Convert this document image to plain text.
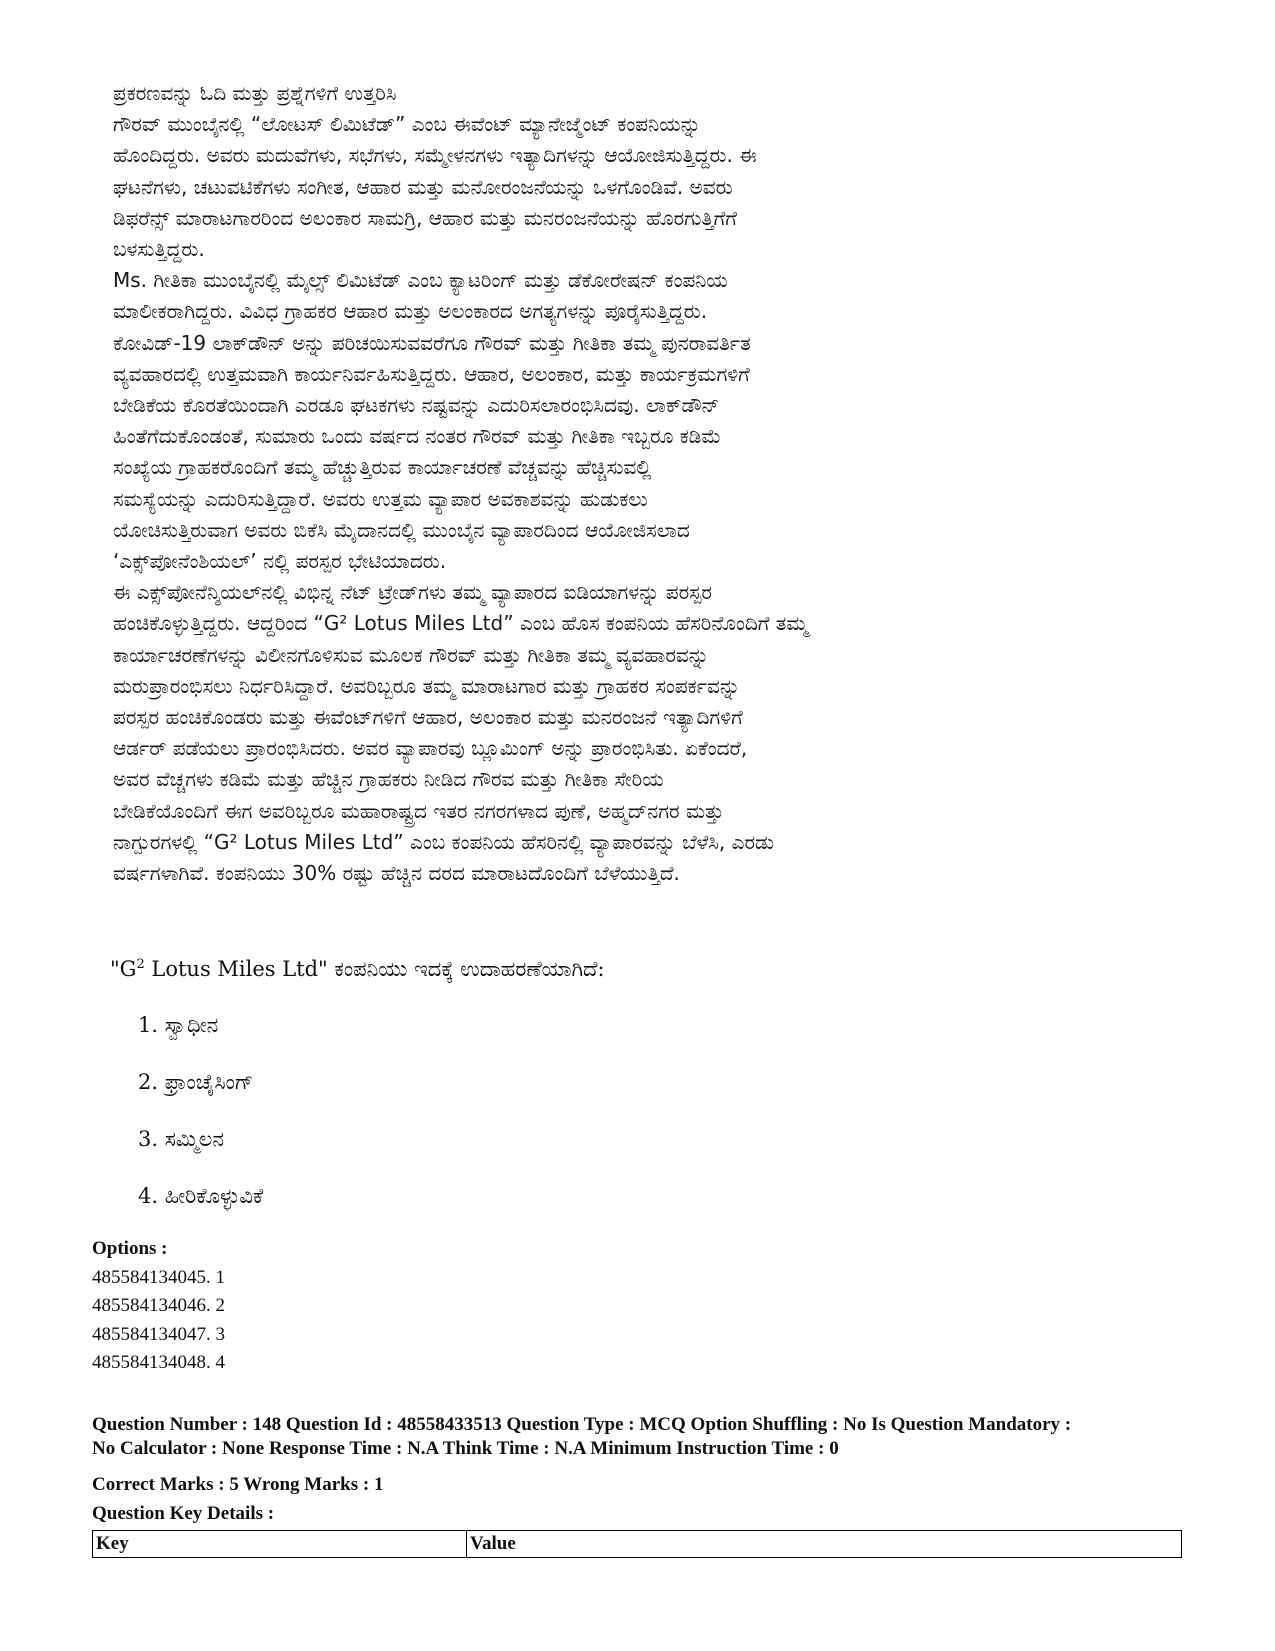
ಪ್ರಕರಣವನ್ನು ಓದಿ ಮತ್ತು ಪ್ರಶ್ನೆಗಳಿಗೆ ಉತ್ತರಿಸಿ

ಗೌರವ್ ಮುಂಬೈನಲ್ಲಿ “ಲೋಟಸ್ ಲಿಮಿಟೆಡ್” ಎಂಬ ಈವೆಂಟ್ ಮ್ಯಾನೇಜ್ಮೆಂಟ್ ಕಂಪನಿಯನ್ನು

ಹೊಂದಿದ್ದರು. ಅವರು ಮದುವೆಗಳು, ಸಭೆಗಳು, ಸಮ್ಮೇಳನಗಳು ಇತ್ಯಾದಿಗಳನ್ನು ಆಯೋಜಿಸುತ್ತಿದ್ದರು. ಈ

ಘಟನೆಗಳು, ಚಟುವಟಿಕೆಗಳು ಸಂಗೀತ, ಆಹಾರ ಮತ್ತು ಮನೋರಂಜನೆಯನ್ನು ಒಳಗೊಂಡಿವೆ. ಅವರು

ಡಿಫರೆನ್ಸ್ ಮಾರಾಟಗಾರರಿಂದ ಅಲಂಕಾರ ಸಾಮಗ್ರಿ, ಆಹಾರ ಮತ್ತು ಮನರಂಜನೆಯನ್ನು ಹೊರಗುತ್ತಿಗೆಗೆ

ಬಳಸುತ್ತಿದ್ದರು.

Ms. ಗೀತಿಕಾ ಮುಂಬೈನಲ್ಲಿ ಮೈಲ್ಸ್ ಲಿಮಿಟೆಡ್ ಎಂಬ ಕ್ಯಾಟರಿಂಗ್ ಮತ್ತು ಡೆಕೋರೇಷನ್ ಕಂಪನಿಯ

ಮಾಲೀಕರಾಗಿದ್ದರು. ವಿವಿಧ ಗ್ರಾಹಕರ ಆಹಾರ ಮತ್ತು ಅಲಂಕಾರದ ಅಗತ್ಯಗಳನ್ನು ಪೂರೈಸುತ್ತಿದ್ದರು.

ಕೋವಿಡ್-19 ಲಾಕ್‌ಡೌನ್ ಅನ್ನು ಪರಿಚಯಿಸುವವರೆಗೂ ಗೌರವ್ ಮತ್ತು ಗೀತಿಕಾ ತಮ್ಮ ಪುನರಾವರ್ತಿತ

ವ್ಯವಹಾರದಲ್ಲಿ ಉತ್ತಮವಾಗಿ ಕಾರ್ಯನಿರ್ವಹಿಸುತ್ತಿದ್ದರು. ಆಹಾರ, ಅಲಂಕಾರ, ಮತ್ತು ಕಾರ್ಯಕ್ರಮಗಳಿಗೆ

ಬೇಡಿಕೆಯ ಕೊರತೆಯಿಂದಾಗಿ ಎರಡೂ ಘಟಕಗಳು ನಷ್ಟವನ್ನು ಎದುರಿಸಲಾರಂಭಿಸಿದವು. ಲಾಕ್‌ಡೌನ್

ಹಿಂತೆಗೆದುಕೊಂಡಂತೆ, ಸುಮಾರು ಒಂದು ವರ್ಷದ ನಂತರ ಗೌರವ್ ಮತ್ತು ಗೀತಿಕಾ ಇಬ್ಬರೂ ಕಡಿಮೆ

ಸಂಖ್ಯೆಯ ಗ್ರಾಹಕರೊಂದಿಗೆ ತಮ್ಮ ಹೆಚ್ಚುತ್ತಿರುವ ಕಾರ್ಯಾಚರಣೆ ವೆಚ್ಚವನ್ನು ಹೆಚ್ಚಿಸುವಲ್ಲಿ

ಸಮಸ್ಯೆಯನ್ನು ಎದುರಿಸುತ್ತಿದ್ದಾರೆ. ಅವರು ಉತ್ತಮ ವ್ಯಾಪಾರ ಅವಕಾಶವನ್ನು ಹುಡುಕಲು

ಯೋಚಿಸುತ್ತಿರುವಾಗ ಅವರು ಬಿಕೆಸಿ ಮೈದಾನದಲ್ಲಿ ಮುಂಬೈನ ವ್ಯಾಪಾರದಿಂದ ಆಯೋಜಿಸಲಾದ

‘ಎಕ್ಸ್‌ಪೋನೆಂಶಿಯಲ್’ ನಲ್ಲಿ ಪರಸ್ಪರ ಭೇಟಿಯಾದರು.

ಈ ಎಕ್ಸ್‌ಪೋನೆನ್ಶಿಯಲ್‌ನಲ್ಲಿ ವಿಭಿನ್ನ ನೆಟ್ ಟ್ರೇಡ್‌ಗಳು ತಮ್ಮ ವ್ಯಾಪಾರದ ಐಡಿಯಾಗಳನ್ನು ಪರಸ್ಪರ

ಹಂಚಿಕೊಳ್ಳುತ್ತಿದ್ದರು. ಆದ್ದರಿಂದ “G² Lotus Miles Ltd” ಎಂಬ ಹೊಸ ಕಂಪನಿಯ ಹೆಸರಿನೊಂದಿಗೆ ತಮ್ಮ

ಕಾರ್ಯಾಚರಣೆಗಳನ್ನು ವಿಲೀನಗೊಳಿಸುವ ಮೂಲಕ ಗೌರವ್ ಮತ್ತು ಗೀತಿಕಾ ತಮ್ಮ ವ್ಯವಹಾರವನ್ನು

ಮರುಪ್ರಾರಂಭಿಸಲು ನಿರ್ಧರಿಸಿದ್ದಾರೆ. ಅವರಿಬ್ಬರೂ ತಮ್ಮ ಮಾರಾಟಗಾರ ಮತ್ತು ಗ್ರಾಹಕರ ಸಂಪರ್ಕವನ್ನು

ಪರಸ್ಪರ ಹಂಚಿಕೊಂಡರು ಮತ್ತು ಈವೆಂಟ್‌ಗಳಿಗೆ ಆಹಾರ, ಅಲಂಕಾರ ಮತ್ತು ಮನರಂಜನೆ ಇತ್ಯಾದಿಗಳಿಗೆ

ಆರ್ಡರ್ ಪಡೆಯಲು ಪ್ರಾರಂಭಿಸಿದರು. ಅವರ ವ್ಯಾಪಾರವು ಬ್ಲೂಮಿಂಗ್ ಅನ್ನು ಪ್ರಾರಂಭಿಸಿತು. ಏಕೆಂದರೆ,

ಅವರ ವೆಚ್ಚಗಳು ಕಡಿಮೆ ಮತ್ತು ಹೆಚ್ಚಿನ ಗ್ರಾಹಕರು ನೀಡಿದ ಗೌರವ ಮತ್ತು ಗೀತಿಕಾ ಸೇರಿಯ

ಬೇಡಿಕೆಯೊಂದಿಗೆ ಈಗ ಅವರಿಬ್ಬರೂ ಮಹಾರಾಷ್ಟ್ರದ ಇತರ ನಗರಗಳಾದ ಪುಣೆ, ಅಹ್ಮದ್‌ನಗರ ಮತ್ತು

ನಾಗ್ಪುರಗಳಲ್ಲಿ “G² Lotus Miles Ltd” ಎಂಬ ಕಂಪನಿಯ ಹೆಸರಿನಲ್ಲಿ ವ್ಯಾಪಾರವನ್ನು ಬೆಳೆಸಿ, ಎರಡು

ವರ್ಷಗಳಾಗಿವೆ. ಕಂಪನಿಯು 30% ರಷ್ಟು ಹೆಚ್ಚಿನ ದರದ ಮಾರಾಟದೊಂದಿಗೆ ಬೆಳೆಯುತ್ತಿದೆ.

"$G^2$ Lotus Miles Ltd" ಕಂಪನಿಯು ಇದಕ್ಕೆ ಉದಾಹರಣೆಯಾಗಿದೆ:
1. ಸ್ವಾಧೀನ
2. ಫ್ರಾಂಚೈಸಿಂಗ್
3. ಸಮ್ಮಿಲನ
4. ಹೀರಿಕೊಳ್ಳುವಿಕೆ
Options :
485584134045. 1
485584134046. 2
485584134047. 3
485584134048. 4

Question Number : 148 Question Id : 48558433513 Question Type : MCQ Option Shuffling : No Is Question Mandatory :

No Calculator : None Response Time : N.A Think Time : N.A Minimum Instruction Time : 0

Correct Marks : 5 Wrong Marks : 1
Question Key Details :
Key	Value
